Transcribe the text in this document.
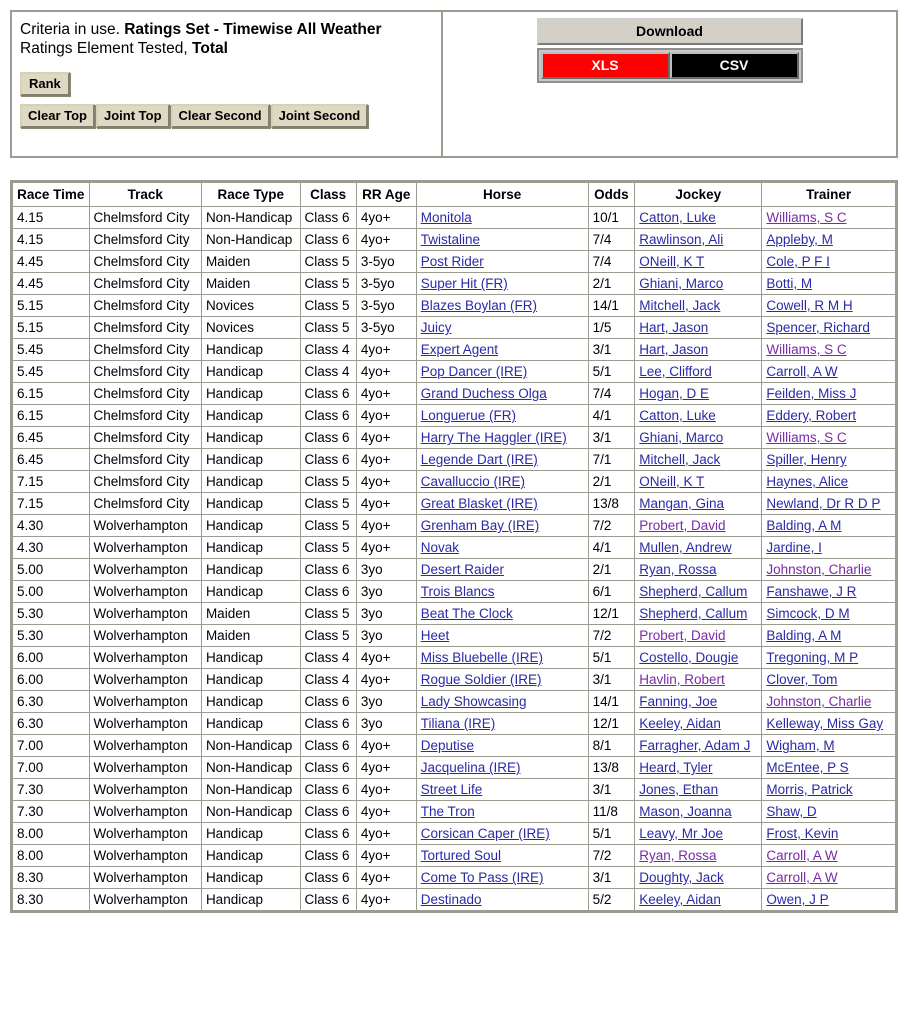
Criteria in use. Ratings Set - Timewise All Weather
Ratings Element Tested, Total
Rank
Clear Top	Joint Top	Clear Second	Joint Second
Download
XLS	CSV
Race Time	Track	Race Type	Class	RR Age	Horse	Odds	Jockey	Trainer
4.15	Chelmsford City	Non-Handicap	Class 6	4yo+	Monitola	10/1	Catton, Luke	Williams, S C
4.15	Chelmsford City	Non-Handicap	Class 6	4yo+	Twistaline	7/4	Rawlinson, Ali	Appleby, M
4.45	Chelmsford City	Maiden	Class 5	3-5yo	Post Rider	7/4	ONeill, K T	Cole, P F I
4.45	Chelmsford City	Maiden	Class 5	3-5yo	Super Hit (FR)	2/1	Ghiani, Marco	Botti, M
5.15	Chelmsford City	Novices	Class 5	3-5yo	Blazes Boylan (FR)	14/1	Mitchell, Jack	Cowell, R M H
5.15	Chelmsford City	Novices	Class 5	3-5yo	Juicy	1/5	Hart, Jason	Spencer, Richard
5.45	Chelmsford City	Handicap	Class 4	4yo+	Expert Agent	3/1	Hart, Jason	Williams, S C
5.45	Chelmsford City	Handicap	Class 4	4yo+	Pop Dancer (IRE)	5/1	Lee, Clifford	Carroll, A W
6.15	Chelmsford City	Handicap	Class 6	4yo+	Grand Duchess Olga	7/4	Hogan, D E	Feilden, Miss J
6.15	Chelmsford City	Handicap	Class 6	4yo+	Longuerue (FR)	4/1	Catton, Luke	Eddery, Robert
6.45	Chelmsford City	Handicap	Class 6	4yo+	Harry The Haggler (IRE)	3/1	Ghiani, Marco	Williams, S C
6.45	Chelmsford City	Handicap	Class 6	4yo+	Legende Dart (IRE)	7/1	Mitchell, Jack	Spiller, Henry
7.15	Chelmsford City	Handicap	Class 5	4yo+	Cavalluccio (IRE)	2/1	ONeill, K T	Haynes, Alice
7.15	Chelmsford City	Handicap	Class 5	4yo+	Great Blasket (IRE)	13/8	Mangan, Gina	Newland, Dr R D P
4.30	Wolverhampton	Handicap	Class 5	4yo+	Grenham Bay (IRE)	7/2	Probert, David	Balding, A M
4.30	Wolverhampton	Handicap	Class 5	4yo+	Novak	4/1	Mullen, Andrew	Jardine, I
5.00	Wolverhampton	Handicap	Class 6	3yo	Desert Raider	2/1	Ryan, Rossa	Johnston, Charlie
5.00	Wolverhampton	Handicap	Class 6	3yo	Trois Blancs	6/1	Shepherd, Callum	Fanshawe, J R
5.30	Wolverhampton	Maiden	Class 5	3yo	Beat The Clock	12/1	Shepherd, Callum	Simcock, D M
5.30	Wolverhampton	Maiden	Class 5	3yo	Heet	7/2	Probert, David	Balding, A M
6.00	Wolverhampton	Handicap	Class 4	4yo+	Miss Bluebelle (IRE)	5/1	Costello, Dougie	Tregoning, M P
6.00	Wolverhampton	Handicap	Class 4	4yo+	Rogue Soldier (IRE)	3/1	Havlin, Robert	Clover, Tom
6.30	Wolverhampton	Handicap	Class 6	3yo	Lady Showcasing	14/1	Fanning, Joe	Johnston, Charlie
6.30	Wolverhampton	Handicap	Class 6	3yo	Tiliana (IRE)	12/1	Keeley, Aidan	Kelleway, Miss Gay
7.00	Wolverhampton	Non-Handicap	Class 6	4yo+	Deputise	8/1	Farragher, Adam J	Wigham, M
7.00	Wolverhampton	Non-Handicap	Class 6	4yo+	Jacquelina (IRE)	13/8	Heard, Tyler	McEntee, P S
7.30	Wolverhampton	Non-Handicap	Class 6	4yo+	Street Life	3/1	Jones, Ethan	Morris, Patrick
7.30	Wolverhampton	Non-Handicap	Class 6	4yo+	The Tron	11/8	Mason, Joanna	Shaw, D
8.00	Wolverhampton	Handicap	Class 6	4yo+	Corsican Caper (IRE)	5/1	Leavy, Mr Joe	Frost, Kevin
8.00	Wolverhampton	Handicap	Class 6	4yo+	Tortured Soul	7/2	Ryan, Rossa	Carroll, A W
8.30	Wolverhampton	Handicap	Class 6	4yo+	Come To Pass (IRE)	3/1	Doughty, Jack	Carroll, A W
8.30	Wolverhampton	Handicap	Class 6	4yo+	Destinado	5/2	Keeley, Aidan	Owen, J P
